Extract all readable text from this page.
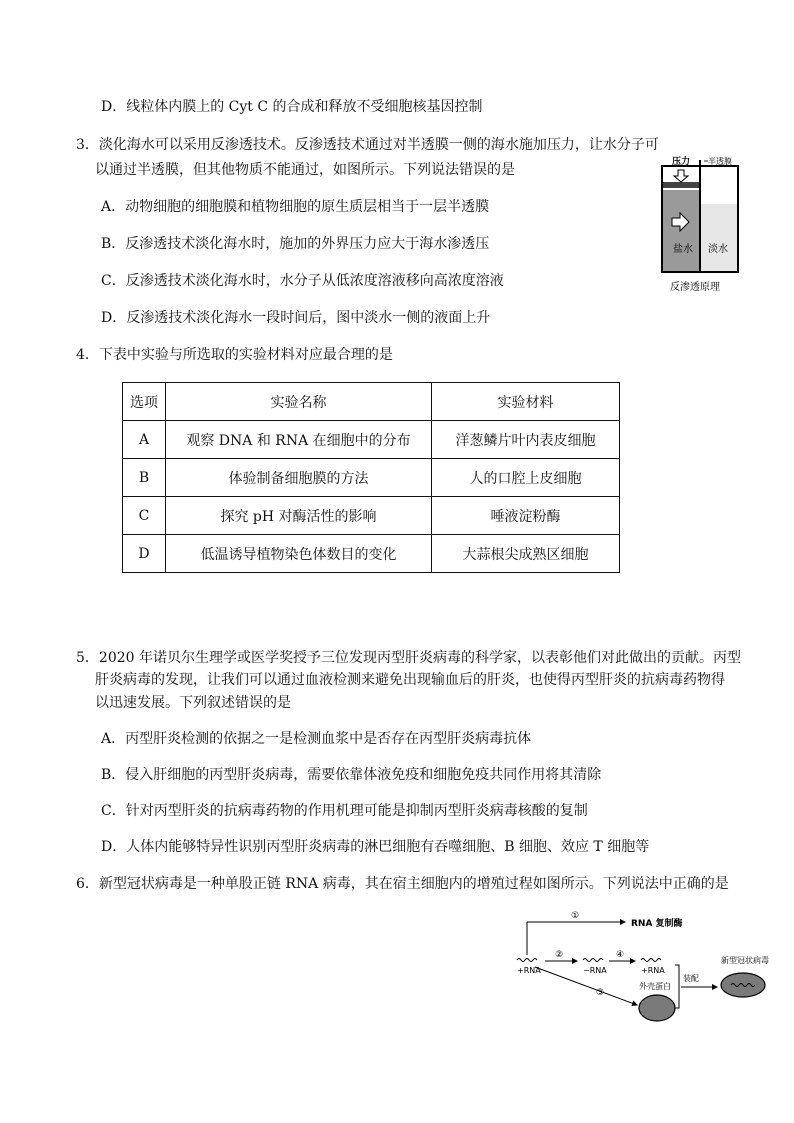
D．线粒体内膜上的 Cyt C 的合成和释放不受细胞核基因控制
3．淡化海水可以采用反渗透技术。反渗透技术通过对半透膜一侧的海水施加压力，让水分子可
以通过半透膜，但其他物质不能通过，如图所示。下列说法错误的是
A．动物细胞的细胞膜和植物细胞的原生质层相当于一层半透膜
B．反渗透技术淡化海水时，施加的外界压力应大于海水渗透压
C．反渗透技术淡化海水时，水分子从低浓度溶液移向高浓度溶液
D．反渗透技术淡化海水一段时间后，图中淡水一侧的液面上升
压力 半透膜
盐水 淡水
反渗透原理
4．下表中实验与所选取的实验材料对应最合理的是
选项	实验名称	实验材料
A	观察 DNA 和 RNA 在细胞中的分布	洋葱鳞片叶内表皮细胞
B	体验制备细胞膜的方法	人的口腔上皮细胞
C	探究 pH 对酶活性的影响	唾液淀粉酶
D	低温诱导植物染色体数目的变化	大蒜根尖成熟区细胞
5．2020 年诺贝尔生理学或医学奖授予三位发现丙型肝炎病毒的科学家，以表彰他们对此做出的贡献。丙型
肝炎病毒的发现，让我们可以通过血液检测来避免出现输血后的肝炎，也使得丙型肝炎的抗病毒药物得
以迅速发展。下列叙述错误的是
A．丙型肝炎检测的依据之一是检测血浆中是否存在丙型肝炎病毒抗体
B．侵入肝细胞的丙型肝炎病毒，需要依靠体液免疫和细胞免疫共同作用将其清除
C．针对丙型肝炎的抗病毒药物的作用机理可能是抑制丙型肝炎病毒核酸的复制
D．人体内能够特异性识别丙型肝炎病毒的淋巴细胞有吞噬细胞、B 细胞、效应 T 细胞等
6．新型冠状病毒是一种单股正链 RNA 病毒，其在宿主细胞内的增殖过程如图所示。下列说法中正确的是
①
RNA 复制酶
+RNA
②
−RNA
④
+RNA
③
外壳蛋白
装配
新型冠状病毒
